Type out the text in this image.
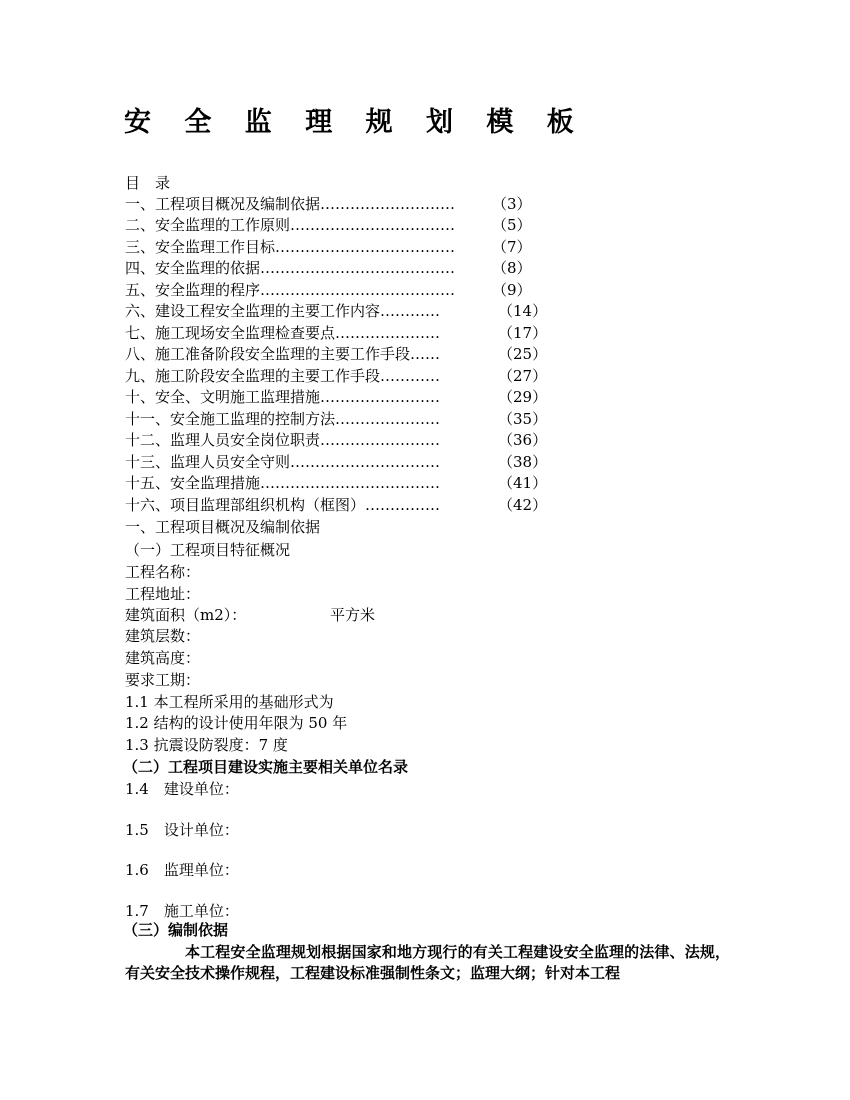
安 全 监 理 规 划 模 板
目　录
一、工程项目概况及编制依据……………………… （3）
二、安全监理的工作原则…………………………… （5）
三、安全监理工作目标……………………………… （7）
四、安全监理的依据………………………………… （8）
五、安全监理的程序………………………………… （9）
六、建设工程安全监理的主要工作内容…………	（14）
七、施工现场安全监理检查要点…………………	（17）
八、施工准备阶段安全监理的主要工作手段……	（25）
九、施工阶段安全监理的主要工作手段…………	（27）
十、安全、文明施工监理措施……………………	（29）
十一、安全施工监理的控制方法…………………	（35）
十二、监理人员安全岗位职责……………………	（36）
十三、监理人员安全守则…………………………	（38）
十五、安全监理措施………………………………	（41）
十六、项目监理部组织机构（框图）……………	（42）
一、工程项目概况及编制依据
（一）工程项目特征概况
工程名称：
工程地址：
建筑面积（m2）：	平方米
建筑层数：
建筑高度：
要求工期：
1.1 本工程所采用的基础形式为
1.2 结构的设计使用年限为 50 年
1.3 抗震设防裂度：7 度
（二）工程项目建设实施主要相关单位名录
1.4　建设单位：
1.5　设计单位：
1.6　监理单位：
1.7　施工单位：
（三）编制依据

本工程安全监理规划根据国家和地方现行的有关工程建设安全监理的法律、法规，有关安全技术操作规程，工程建设标准强制性条文；监理大纲；针对本工程
